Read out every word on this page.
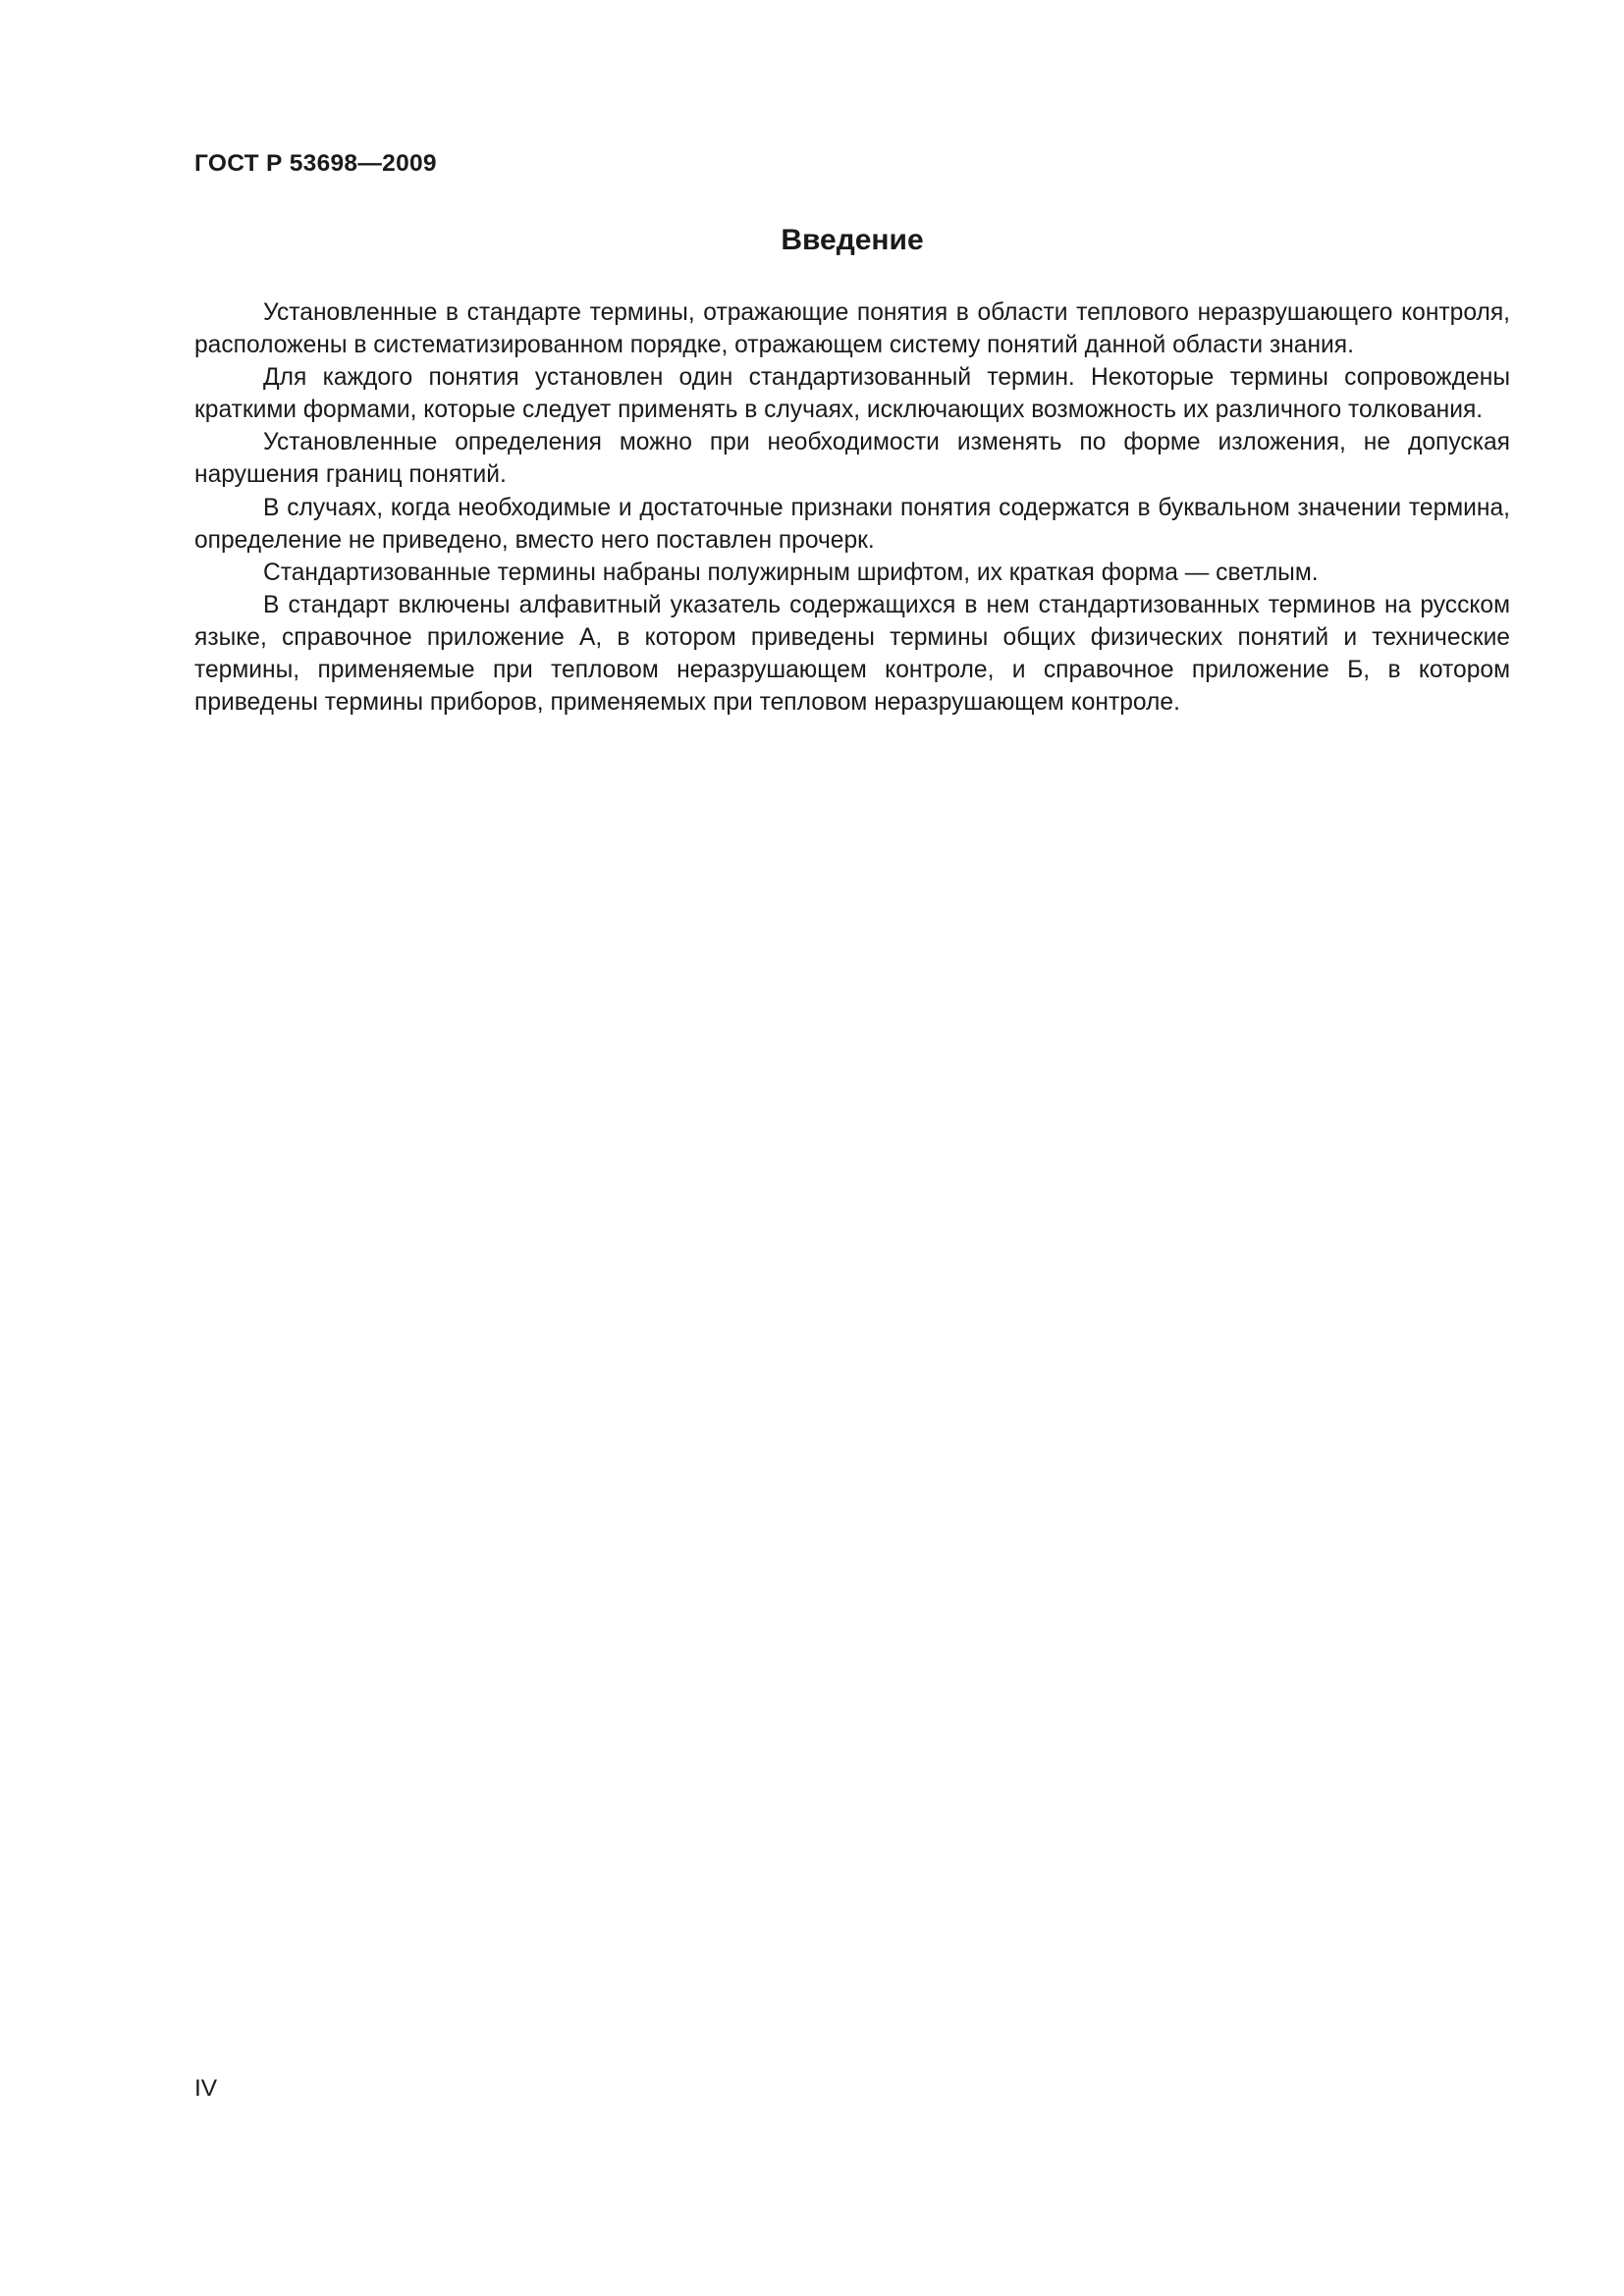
ГОСТ Р 53698—2009
Введение

Установленные в стандарте термины, отражающие понятия в области теплового неразрушающего контроля, расположены в систематизированном порядке, отражающем систему понятий данной области знания.

Для каждого понятия установлен один стандартизованный термин. Некоторые термины сопровождены краткими формами, которые следует применять в случаях, исключающих возможность их различного толкования.

Установленные определения можно при необходимости изменять по форме изложения, не допуская нарушения границ понятий.

В случаях, когда необходимые и достаточные признаки понятия содержатся в буквальном значении термина, определение не приведено, вместо него поставлен прочерк.

Стандартизованные термины набраны полужирным шрифтом, их краткая форма — светлым.

В стандарт включены алфавитный указатель содержащихся в нем стандартизованных терминов на русском языке, справочное приложение А, в котором приведены термины общих физических понятий и технические термины, применяемые при тепловом неразрушающем контроле, и справочное приложение Б, в котором приведены термины приборов, применяемых при тепловом неразрушающем контроле.

IV
